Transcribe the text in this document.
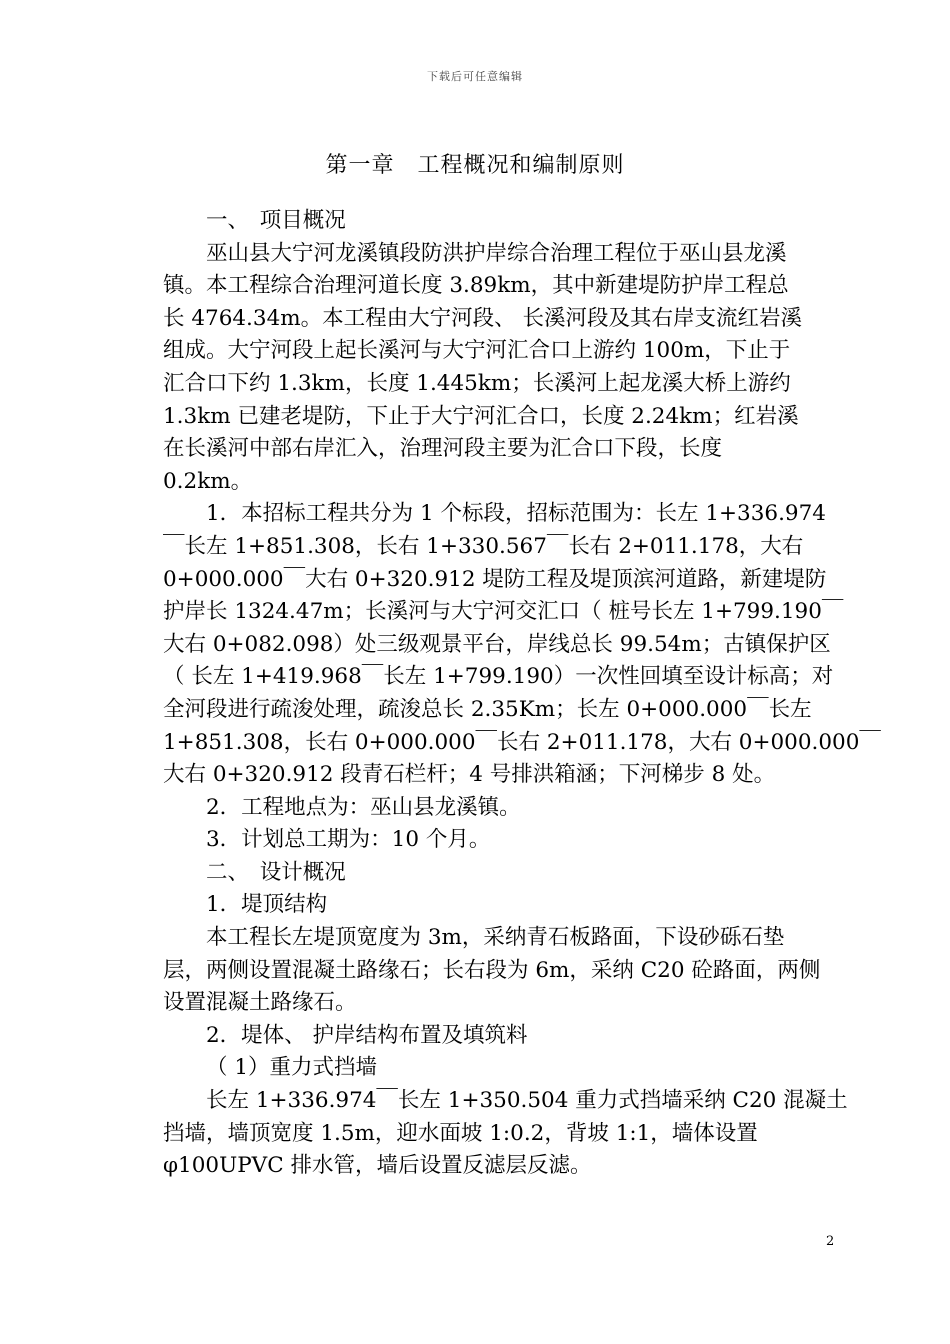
下载后可任意编辑
第一章　工程概况和编制原则
一、　项目概况
巫山县大宁河龙溪镇段防洪护岸综合治理工程位于巫山县龙溪
镇。本工程综合治理河道长度 3.89km，其中新建堤防护岸工程总
长 4764.34m。本工程由大宁河段、 长溪河段及其右岸支流红岩溪
组成。大宁河段上起长溪河与大宁河汇合口上游约 100m，下止于
汇合口下约 1.3km，长度 1.445km；长溪河上起龙溪大桥上游约
1.3km 已建老堤防，下止于大宁河汇合口，长度 2.24km；红岩溪
在长溪河中部右岸汇入，治理河段主要为汇合口下段，长度
0.2km。
1．本招标工程共分为 1 个标段，招标范围为：长左 1+336.974
￣长左 1+851.308，长右 1+330.567￣长右 2+011.178，大右
0+000.000￣大右 0+320.912 堤防工程及堤顶滨河道路，新建堤防
护岸长 1324.47m；长溪河与大宁河交汇口（ 桩号长左 1+799.190￣
大右 0+082.098）处三级观景平台，岸线总长 99.54m；古镇保护区
（ 长左 1+419.968￣长左 1+799.190）一次性回填至设计标高；对
全河段进行疏浚处理，疏浚总长 2.35Km；长左 0+000.000￣长左
1+851.308，长右 0+000.000￣长右 2+011.178，大右 0+000.000￣
大右 0+320.912 段青石栏杆；4 号排洪箱涵；下河梯步 8 处。
2．工程地点为：巫山县龙溪镇。
3．计划总工期为：10 个月。
二、　设计概况
1．堤顶结构
本工程长左堤顶宽度为 3m，采纳青石板路面，下设砂砾石垫
层，两侧设置混凝土路缘石；长右段为 6m，采纳 C20 砼路面，两侧
设置混凝土路缘石。
2．堤体、 护岸结构布置及填筑料
（ 1）重力式挡墙
长左 1+336.974￣长左 1+350.504 重力式挡墙采纳 C20 混凝土
挡墙，墙顶宽度 1.5m，迎水面坡 1:0.2，背坡 1:1，墙体设置
φ100UPVC 排水管，墙后设置反滤层反滤。
2
